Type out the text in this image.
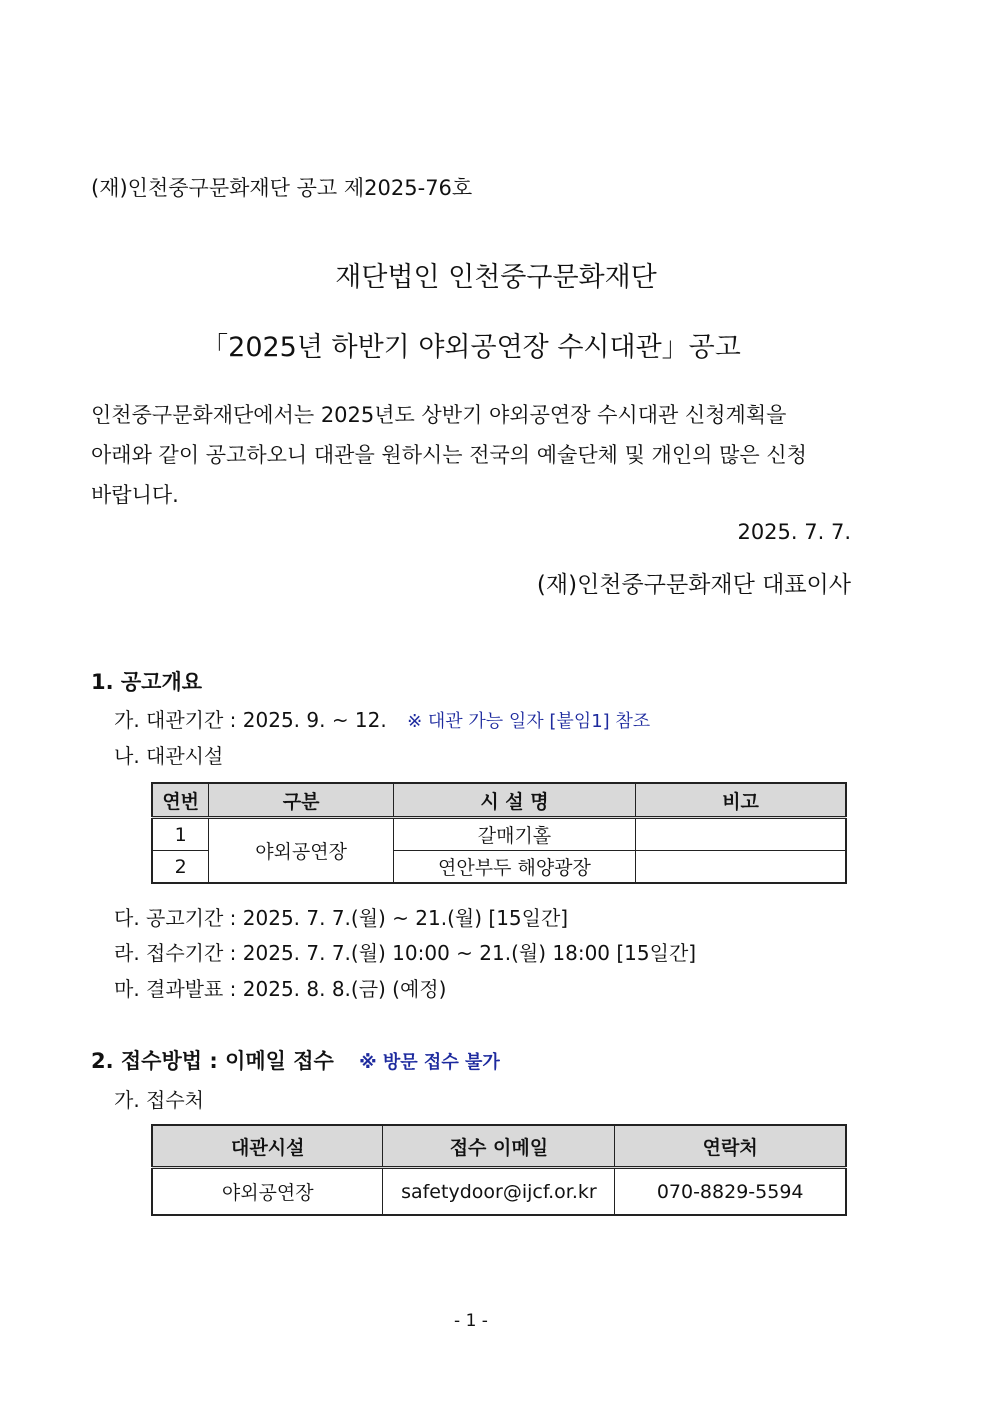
(재)인천중구문화재단 공고 제2025-76호
재단법인 인천중구문화재단
「2025년 하반기 야외공연장 수시대관」공고

인천중구문화재단에서는 2025년도 상반기 야외공연장 수시대관 신청계획을

아래와 같이 공고하오니 대관을 원하시는 전국의 예술단체 및 개인의 많은 신청

바랍니다.

2025. 7. 7.
(재)인천중구문화재단 대표이사
1. 공고개요
가. 대관기간 : 2025. 9. ~ 12. ※ 대관 가능 일자 [붙임1] 참조
나. 대관시설
연번	구분	시 설 명	비고
1	야외공연장	갈매기홀	
2		연안부두 해양광장	
다. 공고기간 : 2025. 7. 7.(월) ~ 21.(월) [15일간]
라. 접수기간 : 2025. 7. 7.(월) 10:00 ~ 21.(월) 18:00 [15일간]
마. 결과발표 : 2025. 8. 8.(금) (예정)
2. 접수방법 : 이메일 접수 ※ 방문 접수 불가
가. 접수처
대관시설	접수 이메일	연락처
야외공연장	safetydoor@ijcf.or.kr	070-8829-5594
- 1 -
